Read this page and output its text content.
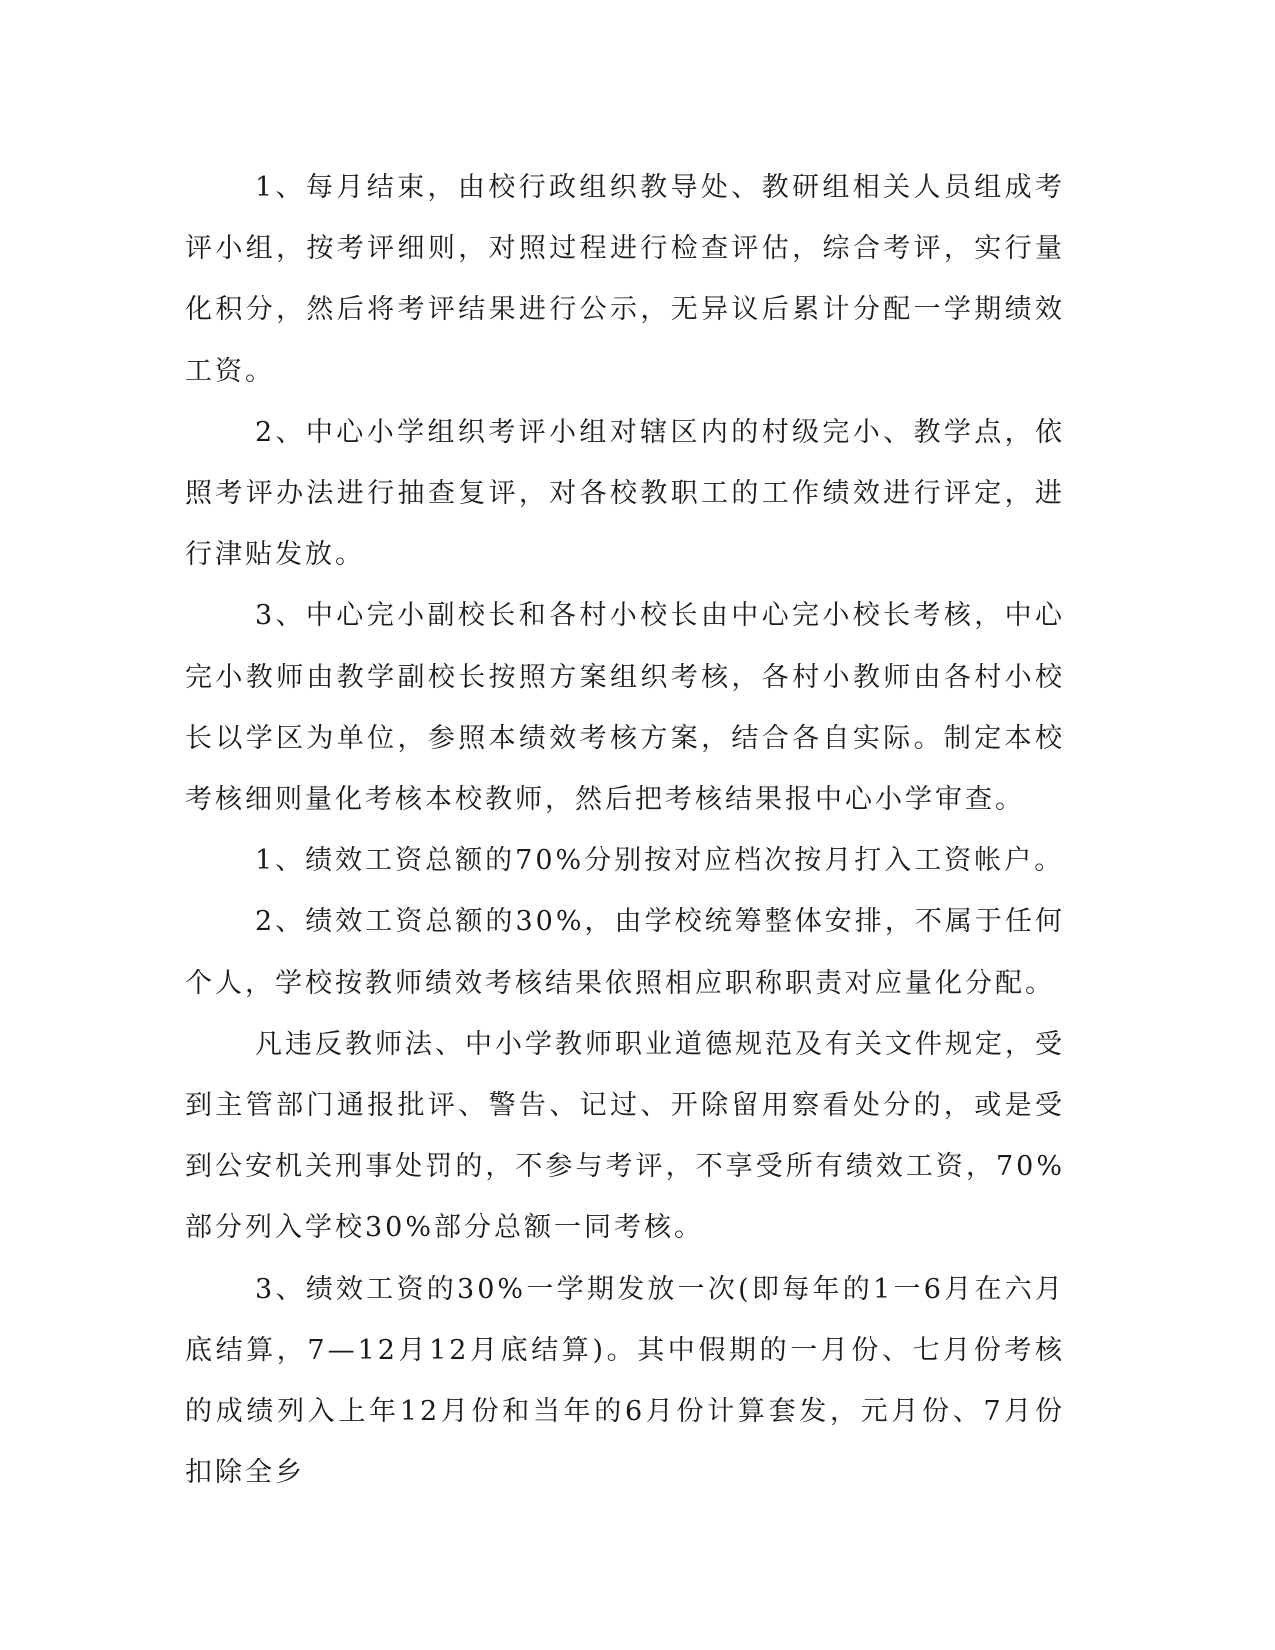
1、每月结束，由校行政组织教导处、教研组相关人员组成考评小组，按考评细则，对照过程进行检查评估，综合考评，实行量化积分，然后将考评结果进行公示，无异议后累计分配一学期绩效工资。

2、中心小学组织考评小组对辖区内的村级完小、教学点，依照考评办法进行抽查复评，对各校教职工的工作绩效进行评定，进行津贴发放。

3、中心完小副校长和各村小校长由中心完小校长考核，中心完小教师由教学副校长按照方案组织考核，各村小教师由各村小校长以学区为单位，参照本绩效考核方案，结合各自实际。制定本校考核细则量化考核本校教师，然后把考核结果报中心小学审查。

1、绩效工资总额的70%分别按对应档次按月打入工资帐户。

2、绩效工资总额的30%，由学校统筹整体安排，不属于任何个人，学校按教师绩效考核结果依照相应职称职责对应量化分配。

凡违反教师法、中小学教师职业道德规范及有关文件规定，受到主管部门通报批评、警告、记过、开除留用察看处分的，或是受到公安机关刑事处罚的，不参与考评，不享受所有绩效工资，70%部分列入学校30%部分总额一同考核。

3、绩效工资的30%一学期发放一次(即每年的1一6月在六月底结算，7—12月12月底结算)。其中假期的一月份、七月份考核的成绩列入上年12月份和当年的6月份计算套发，元月份、7月份扣除全乡
